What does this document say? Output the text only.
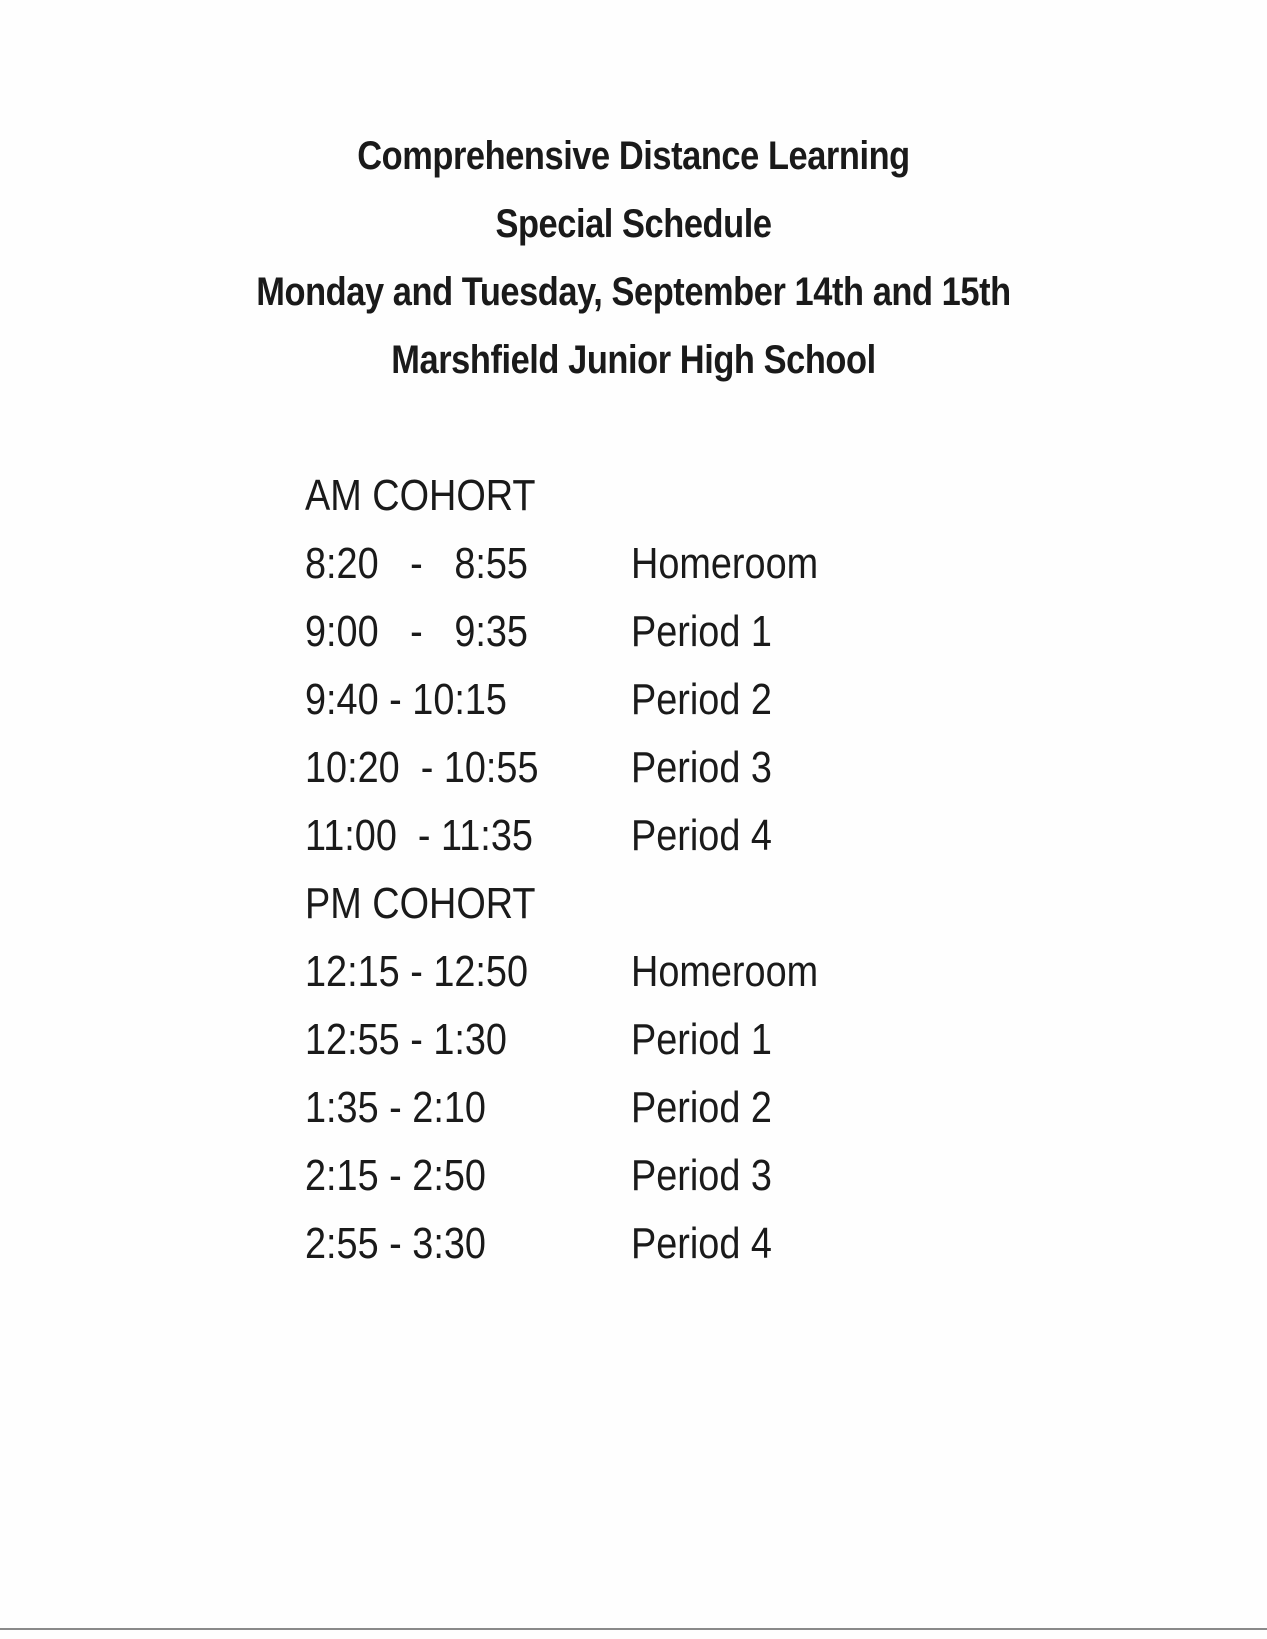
Comprehensive Distance Learning
Special Schedule
Monday and Tuesday, September 14th and 15th
Marshfield Junior High School
AM COHORT
8:20   -   8:55	Homeroom
9:00   -   9:35	Period 1
9:40 - 10:15	Period 2
10:20  - 10:55	Period 3
11:00  - 11:35	Period 4
PM COHORT
12:15 - 12:50	Homeroom
12:55 - 1:30	Period 1
1:35 - 2:10	Period 2
2:15 - 2:50	Period 3
2:55 - 3:30	Period 4
